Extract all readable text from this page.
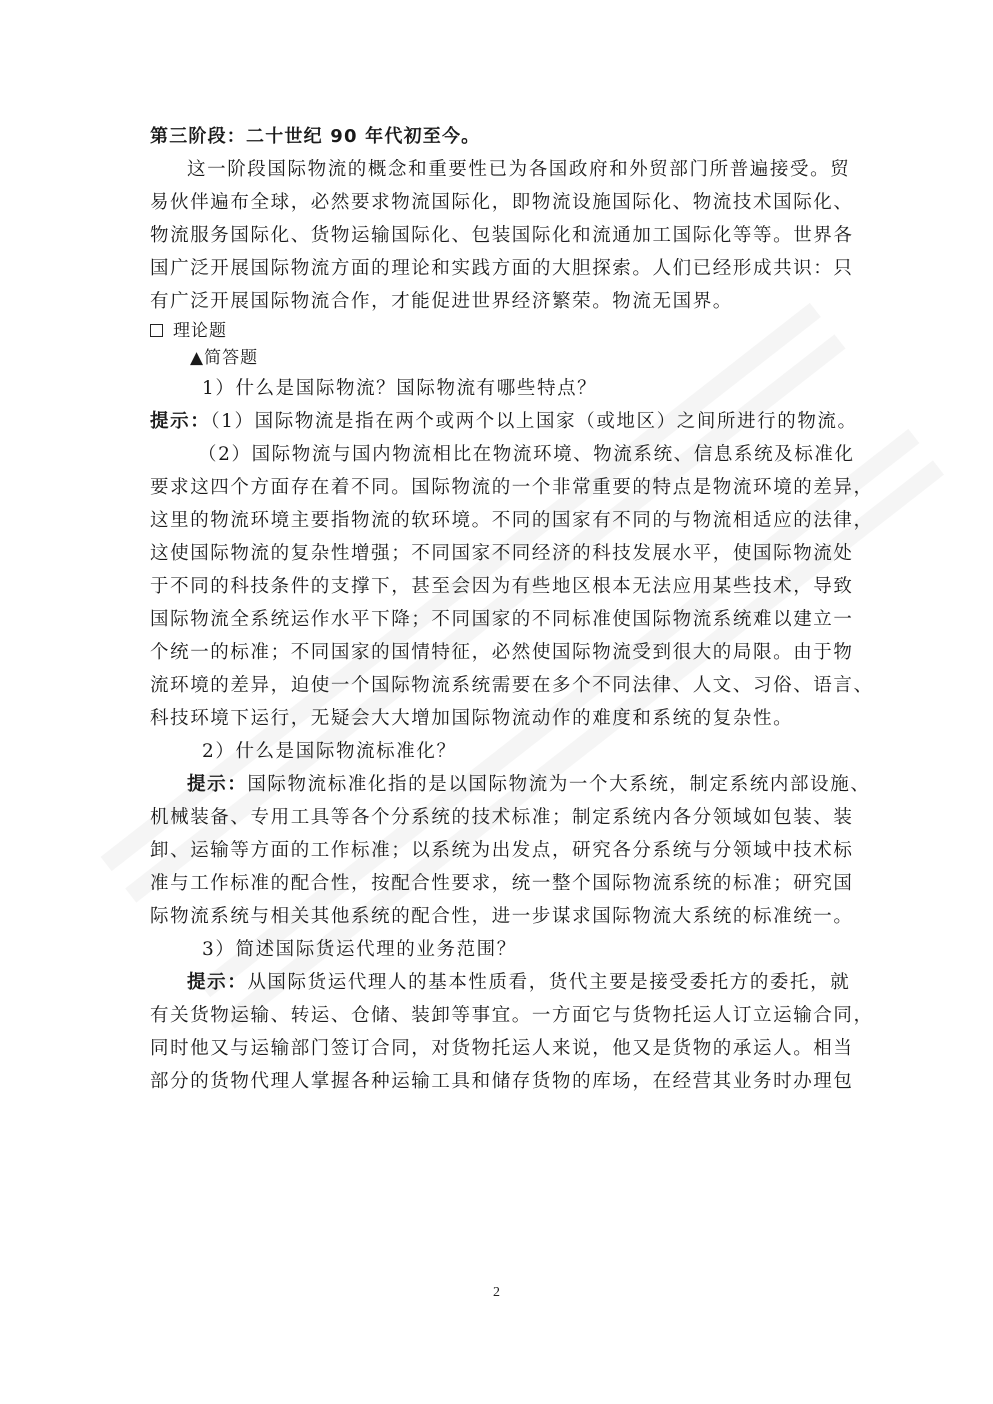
第三阶段：二十世纪 90 年代初至今。
这一阶段国际物流的概念和重要性已为各国政府和外贸部门所普遍接受。贸
易伙伴遍布全球，必然要求物流国际化，即物流设施国际化、物流技术国际化、
物流服务国际化、货物运输国际化、包装国际化和流通加工国际化等等。世界各
国广泛开展国际物流方面的理论和实践方面的大胆探索。人们已经形成共识：只
有广泛开展国际物流合作，才能促进世界经济繁荣。物流无国界。
理论题
▲简答题
1）什么是国际物流？国际物流有哪些特点？
提示：（1）国际物流是指在两个或两个以上国家（或地区）之间所进行的物流。
（2）国际物流与国内物流相比在物流环境、物流系统、信息系统及标准化
要求这四个方面存在着不同。国际物流的一个非常重要的特点是物流环境的差异，
这里的物流环境主要指物流的软环境。不同的国家有不同的与物流相适应的法律，
这使国际物流的复杂性增强；不同国家不同经济的科技发展水平，使国际物流处
于不同的科技条件的支撑下，甚至会因为有些地区根本无法应用某些技术，导致
国际物流全系统运作水平下降；不同国家的不同标准使国际物流系统难以建立一
个统一的标准；不同国家的国情特征，必然使国际物流受到很大的局限。由于物
流环境的差异，迫使一个国际物流系统需要在多个不同法律、人文、习俗、语言、
科技环境下运行，无疑会大大增加国际物流动作的难度和系统的复杂性。
2）什么是国际物流标准化？
提示：国际物流标准化指的是以国际物流为一个大系统，制定系统内部设施、
机械装备、专用工具等各个分系统的技术标准；制定系统内各分领域如包装、装
卸、运输等方面的工作标准；以系统为出发点，研究各分系统与分领域中技术标
准与工作标准的配合性，按配合性要求，统一整个国际物流系统的标准；研究国
际物流系统与相关其他系统的配合性，进一步谋求国际物流大系统的标准统一。
3）简述国际货运代理的业务范围？
提示：从国际货运代理人的基本性质看，货代主要是接受委托方的委托，就
有关货物运输、转运、仓储、装卸等事宜。一方面它与货物托运人订立运输合同，
同时他又与运输部门签订合同，对货物托运人来说，他又是货物的承运人。相当
部分的货物代理人掌握各种运输工具和储存货物的库场，在经营其业务时办理包
2
